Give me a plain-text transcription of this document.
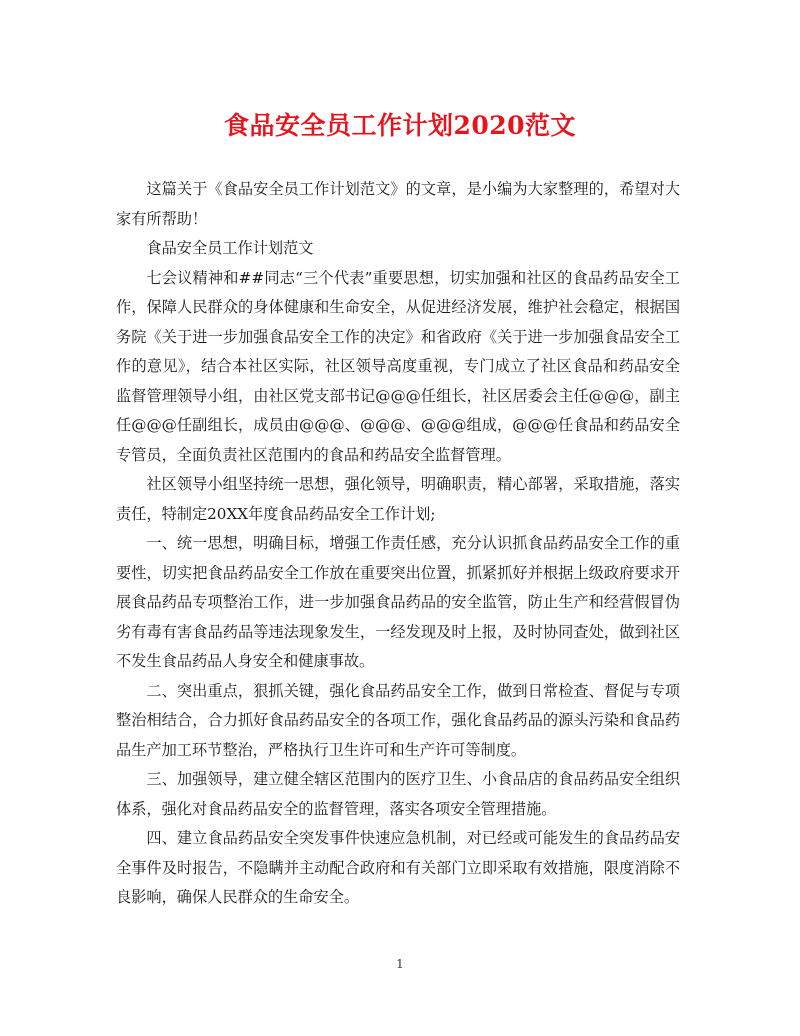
食品安全员工作计划2020范文

这篇关于《食品安全员工作计划范文》的文章，是小编为大家整理的，希望对大家有所帮助！

食品安全员工作计划范文

七会议精神和##同志“三个代表”重要思想，切实加强和社区的食品药品安全工作，保障人民群众的身体健康和生命安全，从促进经济发展，维护社会稳定，根据国务院《关于进一步加强食品安全工作的决定》和省政府《关于进一步加强食品安全工作的意见》，结合本社区实际，社区领导高度重视，专门成立了社区食品和药品安全监督管理领导小组，由社区党支部书记@@@任组长，社区居委会主任@@@，副主任@@@任副组长，成员由@@@、@@@、@@@组成，@@@任食品和药品安全专管员，全面负责社区范围内的食品和药品安全监督管理。

社区领导小组坚持统一思想，强化领导，明确职责，精心部署，采取措施，落实责任，特制定20XX年度食品药品安全工作计划;

一、统一思想，明确目标，增强工作责任感，充分认识抓食品药品安全工作的重要性，切实把食品药品安全工作放在重要突出位置，抓紧抓好并根据上级政府要求开展食品药品专项整治工作，进一步加强食品药品的安全监管，防止生产和经营假冒伪劣有毒有害食品药品等违法现象发生，一经发现及时上报，及时协同查处，做到社区不发生食品药品人身安全和健康事故。

二、突出重点，狠抓关键，强化食品药品安全工作，做到日常检查、督促与专项整治相结合，合力抓好食品药品安全的各项工作，强化食品药品的源头污染和食品药品生产加工环节整治，严格执行卫生许可和生产许可等制度。

三、加强领导，建立健全辖区范围内的医疗卫生、小食品店的食品药品安全组织体系，强化对食品药品安全的监督管理，落实各项安全管理措施。

四、建立食品药品安全突发事件快速应急机制，对已经或可能发生的食品药品安全事件及时报告，不隐瞒并主动配合政府和有关部门立即采取有效措施，限度消除不良影响，确保人民群众的生命安全。

1
